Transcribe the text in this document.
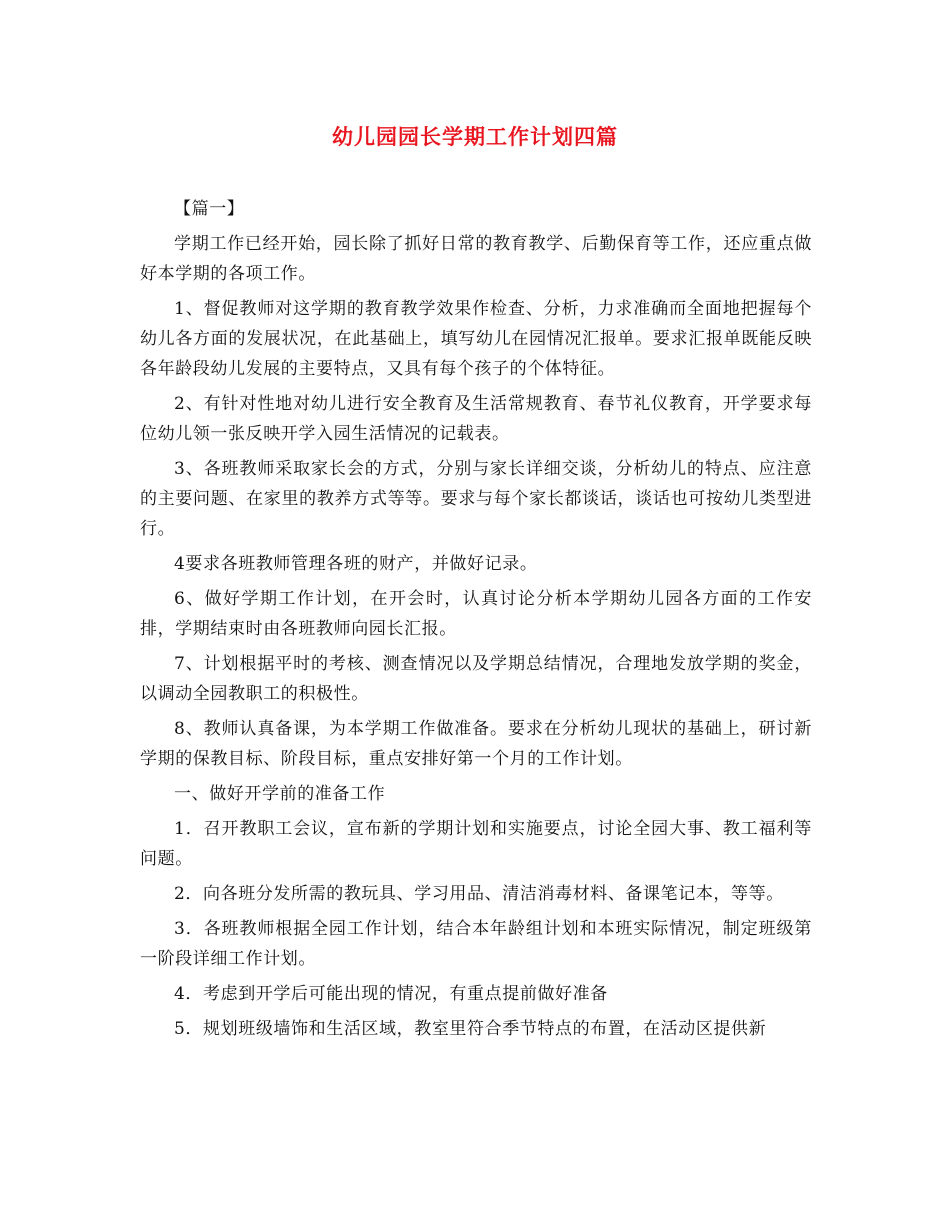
幼儿园园长学期工作计划四篇

【篇一】

学期工作已经开始，园长除了抓好日常的教育教学、后勤保育等工作，还应重点做好本学期的各项工作。

1、督促教师对这学期的教育教学效果作检查、分析，力求准确而全面地把握每个幼儿各方面的发展状况，在此基础上，填写幼儿在园情况汇报单。要求汇报单既能反映各年龄段幼儿发展的主要特点，又具有每个孩子的个体特征。

2、有针对性地对幼儿进行安全教育及生活常规教育、春节礼仪教育，开学要求每位幼儿领一张反映开学入园生活情况的记载表。

3、各班教师采取家长会的方式，分别与家长详细交谈，分析幼儿的特点、应注意的主要问题、在家里的教养方式等等。要求与每个家长都谈话，谈话也可按幼儿类型进行。

4要求各班教师管理各班的财产，并做好记录。

6、做好学期工作计划，在开会时，认真讨论分析本学期幼儿园各方面的工作安排，学期结束时由各班教师向园长汇报。

7、计划根据平时的考核、测查情况以及学期总结情况，合理地发放学期的奖金，以调动全园教职工的积极性。

8、教师认真备课，为本学期工作做准备。要求在分析幼儿现状的基础上，研讨新学期的保教目标、阶段目标，重点安排好第一个月的工作计划。

一、做好开学前的准备工作

1．召开教职工会议，宣布新的学期计划和实施要点，讨论全园大事、教工福利等问题。

2．向各班分发所需的教玩具、学习用品、清洁消毒材料、备课笔记本，等等。

3．各班教师根据全园工作计划，结合本年龄组计划和本班实际情况，制定班级第一阶段详细工作计划。

4．考虑到开学后可能出现的情况，有重点提前做好准备

5．规划班级墙饰和生活区域，教室里符合季节特点的布置，在活动区提供新
